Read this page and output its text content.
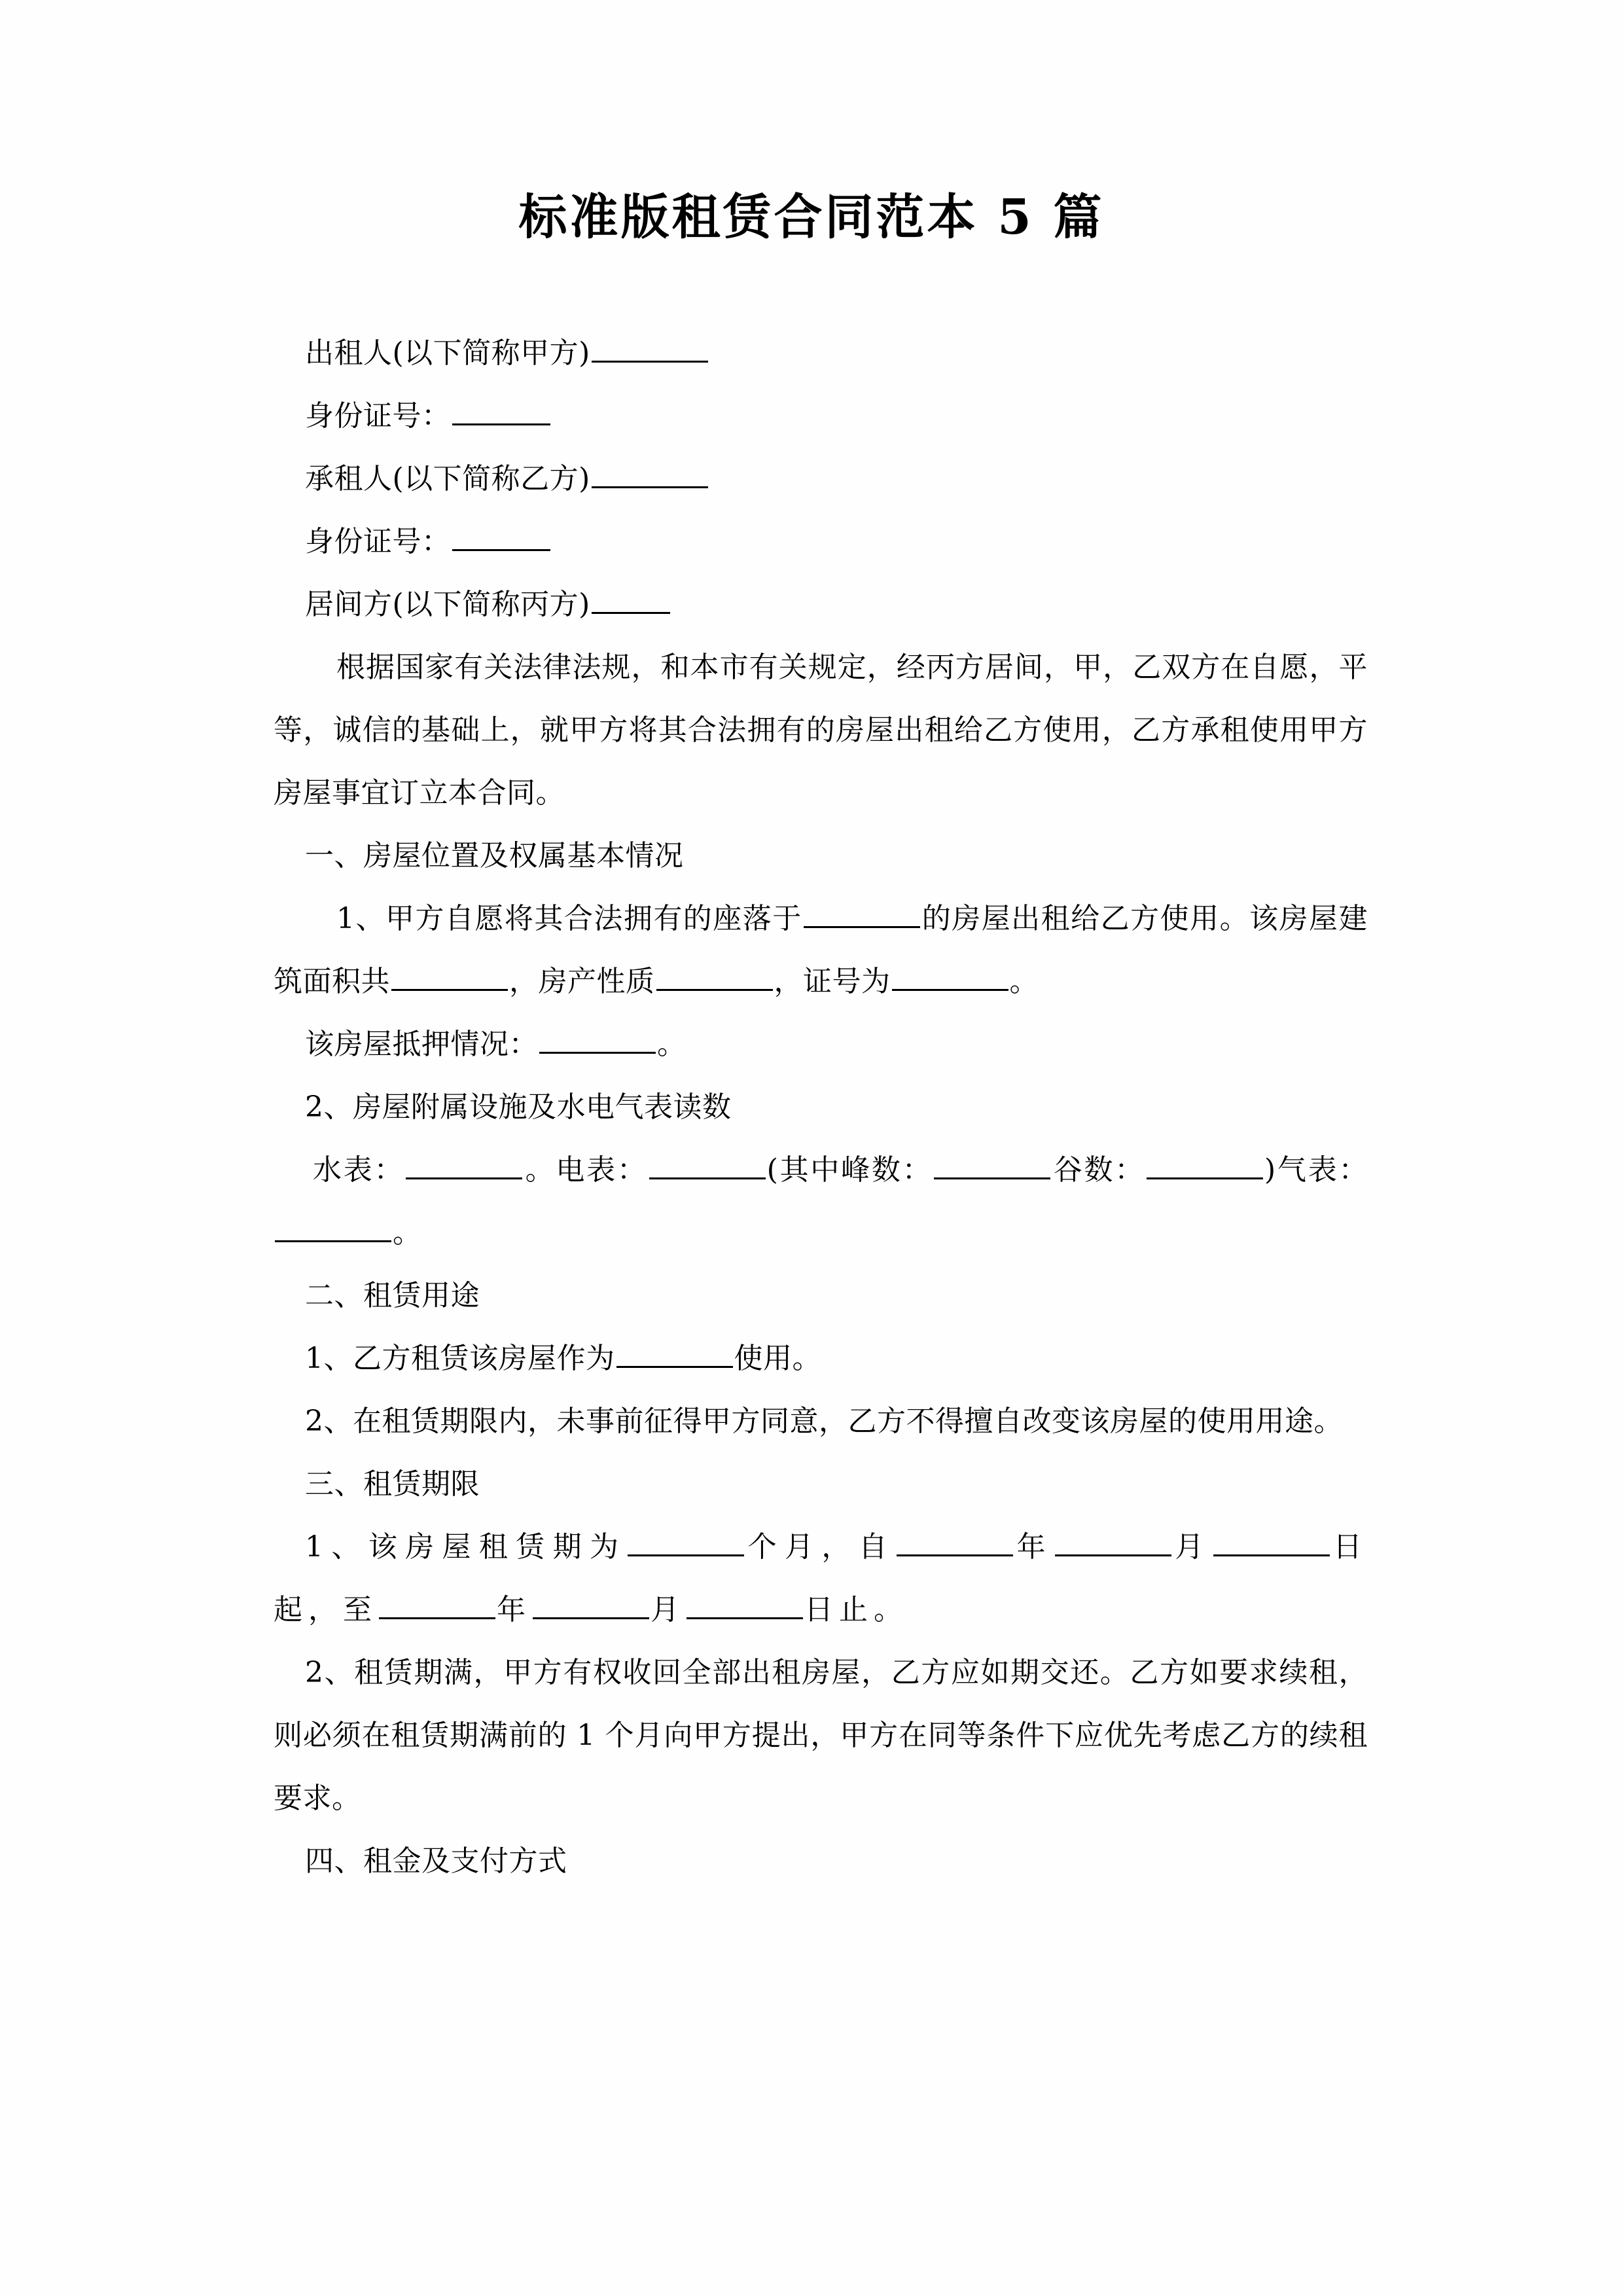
标准版租赁合同范本 5 篇
出租人(以下简称甲方)
身份证号：
承租人(以下简称乙方)
身份证号：
居间方(以下简称丙方)
根据国家有关法律法规，和本市有关规定，经丙方居间，甲，乙双方在自愿，平等，诚信的基础上，就甲方将其合法拥有的房屋出租给乙方使用，乙方承租使用甲方房屋事宜订立本合同。
一、房屋位置及权属基本情况
1、甲方自愿将其合法拥有的座落于	的房屋出租给乙方使用。该房屋建筑面积共	，房产性质	，证号为	。
该房屋抵押情况：	。
2、房屋附属设施及水电气表读数
水表：	。电表：	(其中峰数：	谷数：	)气表：。
二、租赁用途
1、乙方租赁该房屋作为	使用。
2、在租赁期限内，未事前征得甲方同意，乙方不得擅自改变该房屋的使用用途。
三、租赁期限
1、该房屋租赁期为	个月，自	年	月	日起，至	年	月	日止。
2、租赁期满，甲方有权收回全部出租房屋，乙方应如期交还。乙方如要求续租，则必须在租赁期满前的 1 个月向甲方提出，甲方在同等条件下应优先考虑乙方的续租要求。
四、租金及支付方式
